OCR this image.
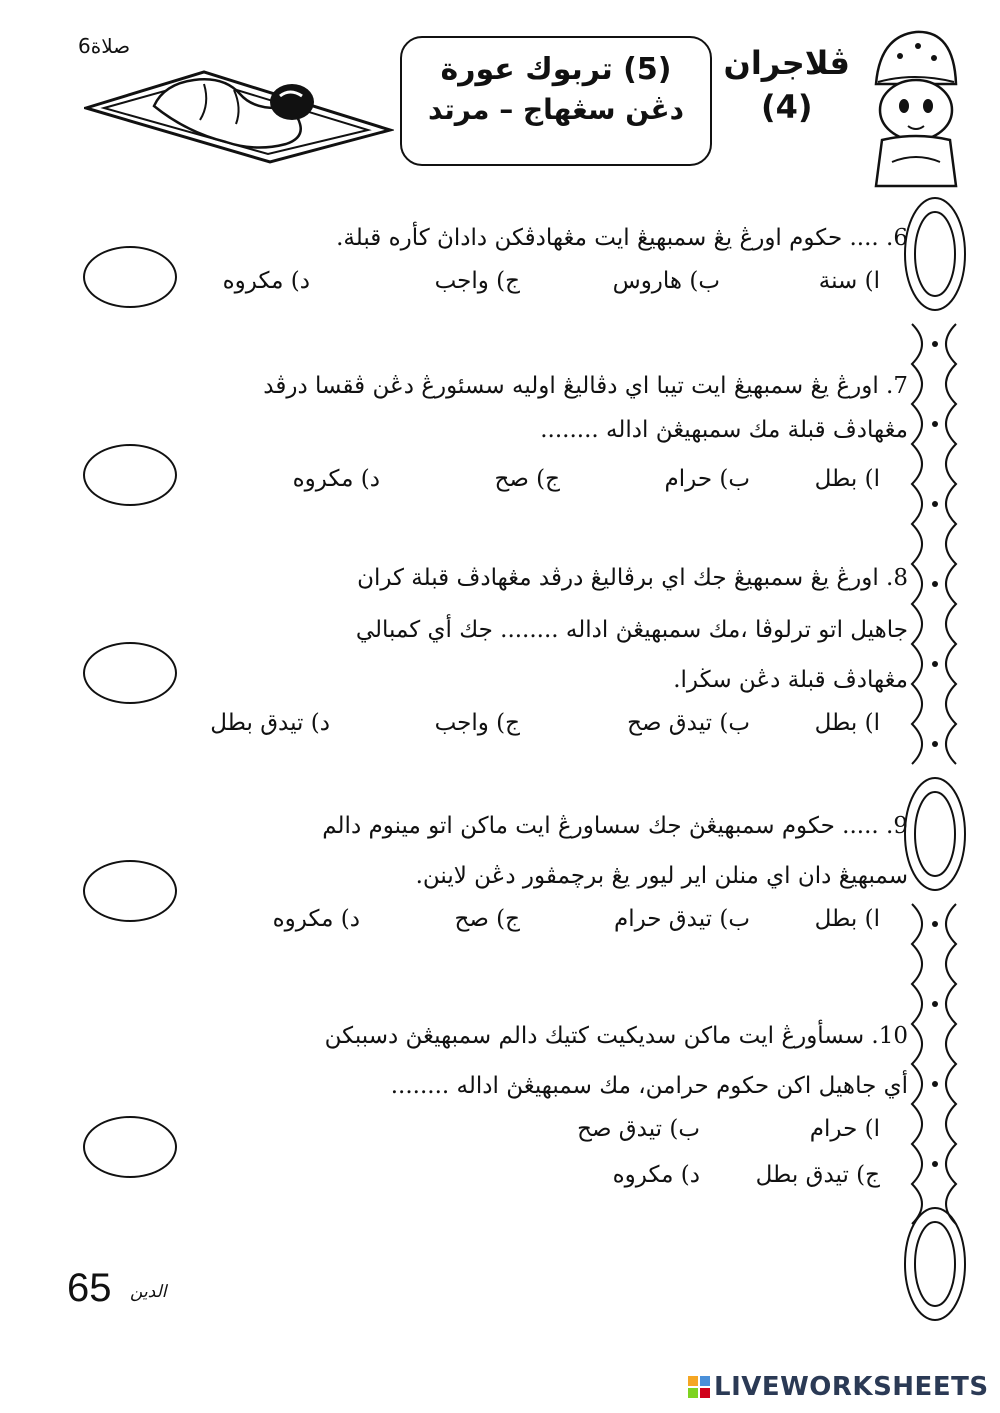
صلاة6
(5) تربوك عورة
دڠن سڠهاج – مرتد
ڤلاجران
(4)
6. .... حکوم اورڠ يڠ سمبهيڠ ايت مڠهادڤكن داداڽ كأره قبلة.
ا) سنة
ب) هاروس
ج) واجب
د) مكروه
7. اورڠ يڠ سمبهيڠ ايت تيبا اي دڤاليڠ اوليه سسئورڠ دڠن ڤقسا درڤد
مڠهادڤ قبلة مك سمبهيڠڽ اداله ........
ا) بطل
ب) حرام
ج) صح
د) مكروه
8. اورڠ يڠ سمبهيڠ جك اي برڤاليڠ درڤد مڠهادڤ قبلة كران
جاهيل اتو ترلوڤا ،مك سمبهيڠڽ اداله ........ جك أي كمبالي
مڠهادڤ قبلة دڠن سڬرا.
ا) بطل
ب) تيدق صح
ج) واجب
د) تيدق بطل
9. ..... حکوم سمبهيڠڽ جك سساورڠ ايت ماكن اتو مينوم دالم
سمبهيڠ دان اي منلن اير ليور يڠ برچمڤور دڠن لاينن.
ا) بطل
ب) تيدق حرام
ج) صح
د) مكروه
10. سسأورڠ ايت ماكن سديكيت كتيك دالم سمبهيڠڽ دسببكن
أي جاهيل اكن حکوم حرامن، مك سمبهيڠڽ اداله ........
ا) حرام
ب) تيدق صح
ج) تيدق بطل
د) مكروه
65 الدين
LIVEWORKSHEETS
